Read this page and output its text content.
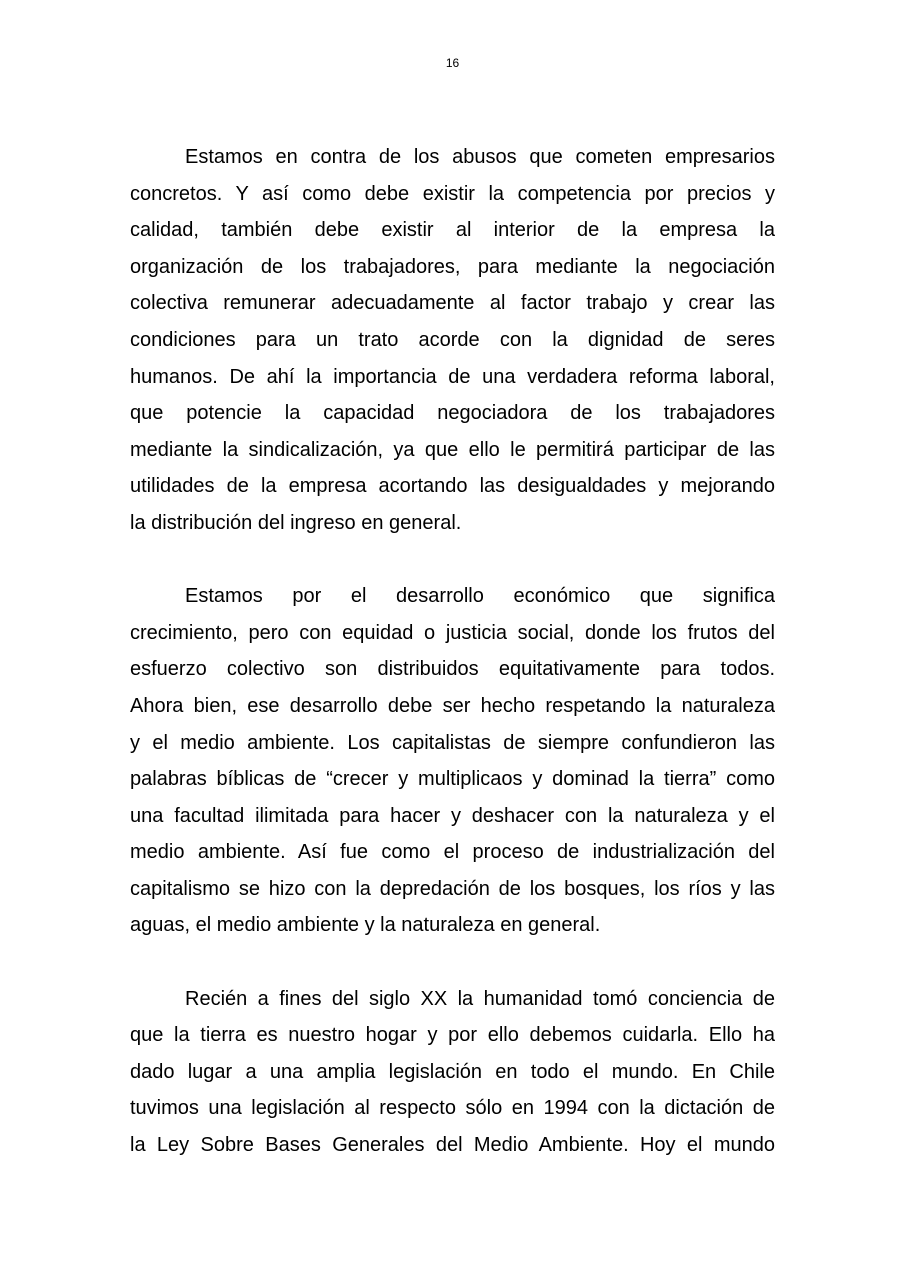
16
Estamos en contra de los abusos que cometen empresarios
concretos. Y así como debe existir la competencia por precios y
calidad, también debe existir al interior de la empresa la
organización de los trabajadores, para mediante la negociación
colectiva remunerar adecuadamente al factor trabajo y crear las
condiciones para un trato acorde con la dignidad de seres
humanos. De ahí la importancia de una verdadera reforma laboral,
que potencie la capacidad negociadora de los trabajadores
mediante la sindicalización, ya que ello le permitirá participar de las
utilidades de la empresa acortando las desigualdades y mejorando
la distribución del ingreso en general.
Estamos por el desarrollo económico que significa
crecimiento, pero con equidad o justicia social, donde los frutos del
esfuerzo colectivo son distribuidos equitativamente para todos.
Ahora bien, ese desarrollo debe ser hecho respetando la naturaleza
y el medio ambiente. Los capitalistas de siempre confundieron las
palabras bíblicas de “crecer y multiplicaos y dominad la tierra” como
una facultad ilimitada para hacer y deshacer con la naturaleza y el
medio ambiente. Así fue como el proceso de industrialización del
capitalismo se hizo con la depredación de los bosques, los ríos y las
aguas, el medio ambiente y la naturaleza en general.
Recién a fines del siglo XX la humanidad tomó conciencia de
que la tierra es nuestro hogar y por ello debemos cuidarla. Ello ha
dado lugar a una amplia legislación en todo el mundo. En Chile
tuvimos una legislación al respecto sólo en 1994 con la dictación de
la Ley Sobre Bases Generales del Medio Ambiente. Hoy el mundo
